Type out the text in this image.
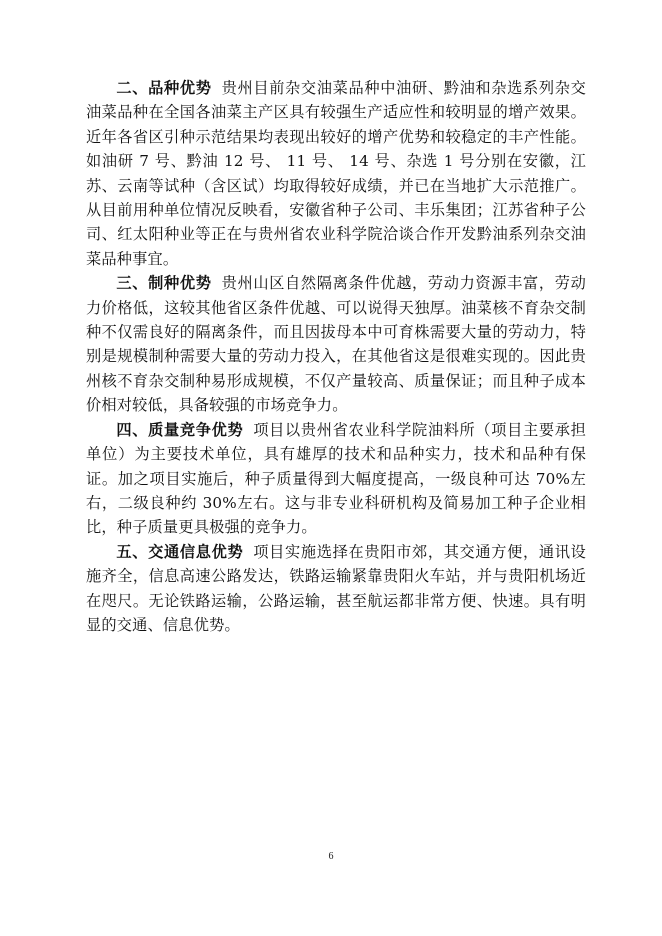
二、品种优势 贵州目前杂交油菜品种中油研、黔油和杂选系列杂交油菜品种在全国各油菜主产区具有较强生产适应性和较明显的增产效果。近年各省区引种示范结果均表现出较好的增产优势和较稳定的丰产性能。如油研 7 号、黔油 12 号、 11 号、 14 号、杂选 1 号分别在安徽，江苏、云南等试种（含区试）均取得较好成绩，并已在当地扩大示范推广。从目前用种单位情况反映看，安徽省种子公司、丰乐集团；江苏省种子公司、红太阳种业等正在与贵州省农业科学院洽谈合作开发黔油系列杂交油菜品种事宜。

三、制种优势 贵州山区自然隔离条件优越，劳动力资源丰富，劳动力价格低，这较其他省区条件优越、可以说得天独厚。油菜核不育杂交制种不仅需良好的隔离条件，而且因拔母本中可育株需要大量的劳动力，特别是规模制种需要大量的劳动力投入，在其他省这是很难实现的。因此贵州核不育杂交制种易形成规模，不仅产量较高、质量保证；而且种子成本价相对较低，具备较强的市场竞争力。

四、质量竞争优势 项目以贵州省农业科学院油料所（项目主要承担单位）为主要技术单位，具有雄厚的技术和品种实力，技术和品种有保证。加之项目实施后，种子质量得到大幅度提高，一级良种可达 70%左右，二级良种约 30%左右。这与非专业科研机构及简易加工种子企业相比，种子质量更具极强的竞争力。

五、交通信息优势 项目实施选择在贵阳市郊，其交通方便，通讯设施齐全，信息高速公路发达，铁路运输紧靠贵阳火车站，并与贵阳机场近在咫尺。无论铁路运输，公路运输，甚至航运都非常方便、快速。具有明显的交通、信息优势。

6
